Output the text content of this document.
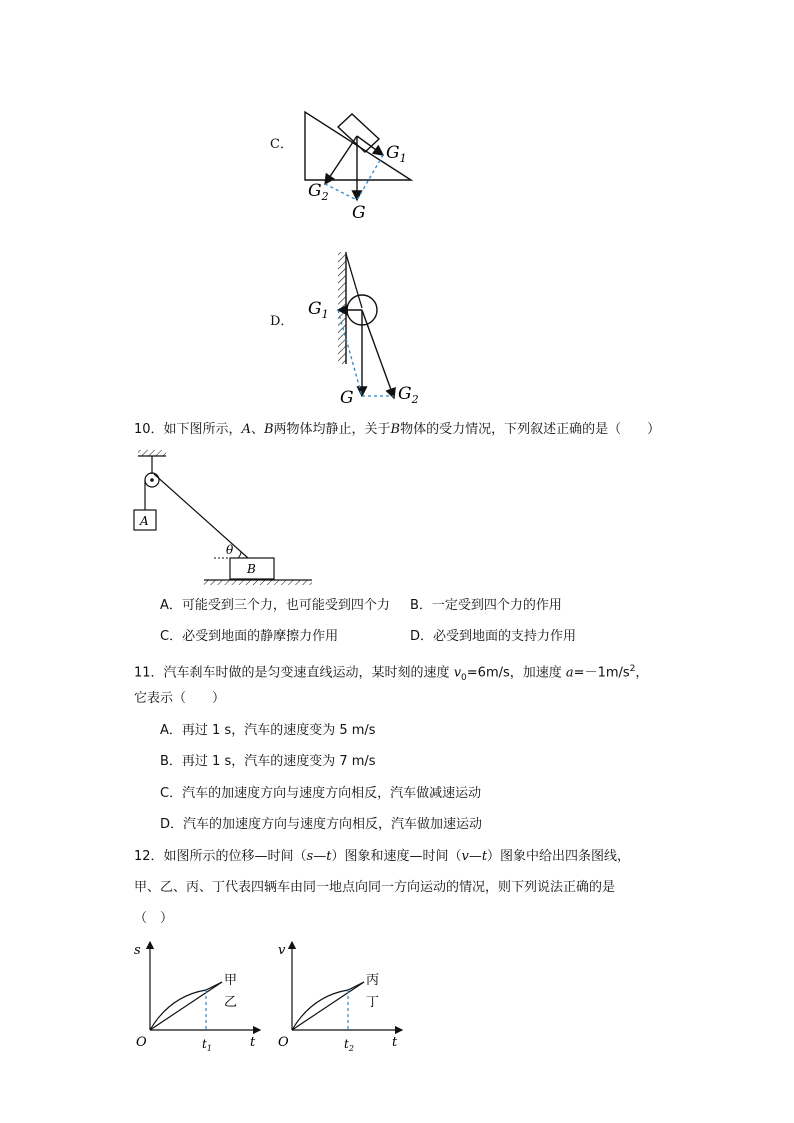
C．	$G_1$
$G_2$
G
D．
$G_1$
G	$G_2$
10．如下图所示，A、B两物体均静止，关于B物体的受力情况，下列叙述正确的是（　　）
A
B
θ
A．可能受到三个力，也可能受到四个力 B．一定受到四个力的作用
C．必受到地面的静摩擦力作用	D．必受到地面的支持力作用
11．汽车刹车时做的是匀变速直线运动，某时刻的速度 $v_0=6m/s$，加速度 $a=-1m/s^2$，
它表示（　　）
A．再过 1 s，汽车的速度变为 5 m/s
B．再过 1 s，汽车的速度变为 7 m/s
C．汽车的加速度方向与速度方向相反，汽车做减速运动
D．汽车的加速度方向与速度方向相反，汽车做加速运动
12．如图所示的位移—时间（s—t）图象和速度—时间（v—t）图象中给出四条图线，
甲、乙、丙、丁代表四辆车由同一地点向同一方向运动的情况，则下列说法正确的是
（　）
s
t
O	$t_1$
甲
乙
v
t
O	$t_2$
丙
丁
